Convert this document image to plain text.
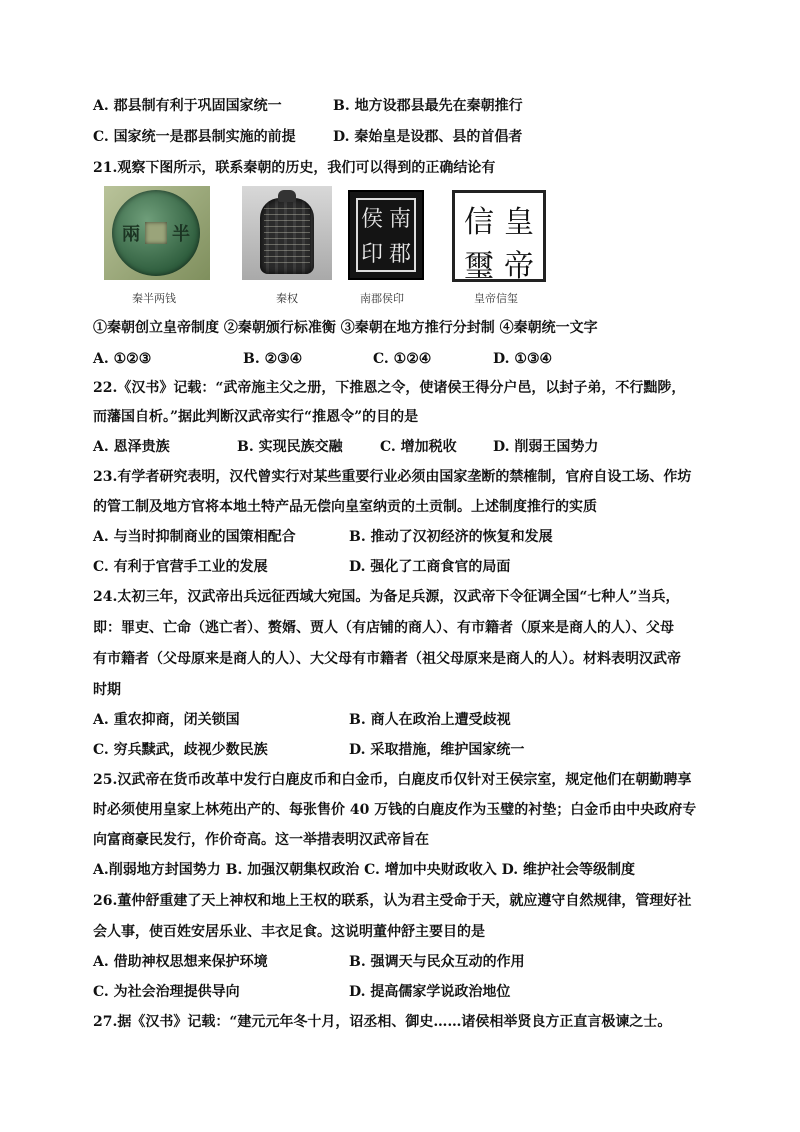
A. 郡县制有利于巩固国家统一	B. 地方设郡县最先在秦朝推行
C. 国家统一是郡县制实施的前提	D. 秦始皇是设郡、县的首倡者
21.观察下图所示，联系秦朝的历史，我们可以得到的正确结论有
兩 半
侯 南
印 郡
信 皇
璽 帝
秦半两钱	秦权	南郡侯印	皇帝信玺
①秦朝创立皇帝制度 ②秦朝颁行标准衡 ③秦朝在地方推行分封制 ④秦朝统一文字
A. ①②③	B. ②③④	C. ①②④	D. ①③④
22.《汉书》记载：“武帝施主父之册，下推恩之令，使诸侯王得分户邑，以封子弟，不行黜陟，
而藩国自析。”据此判断汉武帝实行“推恩令”的目的是
A. 恩泽贵族	B. 实现民族交融	C. 增加税收	D. 削弱王国势力
23.有学者研究表明，汉代曾实行对某些重要行业必须由国家垄断的禁榷制，官府自设工场、作坊
的管工制及地方官将本地土特产品无偿向皇室纳贡的土贡制。上述制度推行的实质
A. 与当时抑制商业的国策相配合	B. 推动了汉初经济的恢复和发展
C. 有利于官营手工业的发展	D. 强化了工商食官的局面
24.太初三年，汉武帝出兵远征西域大宛国。为备足兵源，汉武帝下令征调全国“七种人”当兵，
即：罪吏、亡命（逃亡者）、赘婿、贾人（有店铺的商人）、有市籍者（原来是商人的人）、父母
有市籍者（父母原来是商人的人）、大父母有市籍者（祖父母原来是商人的人）。材料表明汉武帝
时期
A. 重农抑商，闭关锁国	B. 商人在政治上遭受歧视
C. 穷兵黩武，歧视少数民族	D. 采取措施，维护国家统一
25.汉武帝在货币改革中发行白鹿皮币和白金币，白鹿皮币仅针对王侯宗室，规定他们在朝勤聘享
时必须使用皇家上林苑出产的、每张售价 40 万钱的白鹿皮作为玉璧的衬垫；白金币由中央政府专
向富商豪民发行，作价奇高。这一举措表明汉武帝旨在
A.削弱地方封国势力 B. 加强汉朝集权政治 C. 增加中央财政收入 D. 维护社会等级制度
26.董仲舒重建了天上神权和地上王权的联系，认为君主受命于天，就应遵守自然规律，管理好社
会人事，使百姓安居乐业、丰衣足食。这说明董仲舒主要目的是
A. 借助神权思想来保护环境	B. 强调天与民众互动的作用
C. 为社会治理提供导向	D. 提高儒家学说政治地位
27.据《汉书》记载：“建元元年冬十月，诏丞相、御史……诸侯相举贤良方正直言极谏之士。
